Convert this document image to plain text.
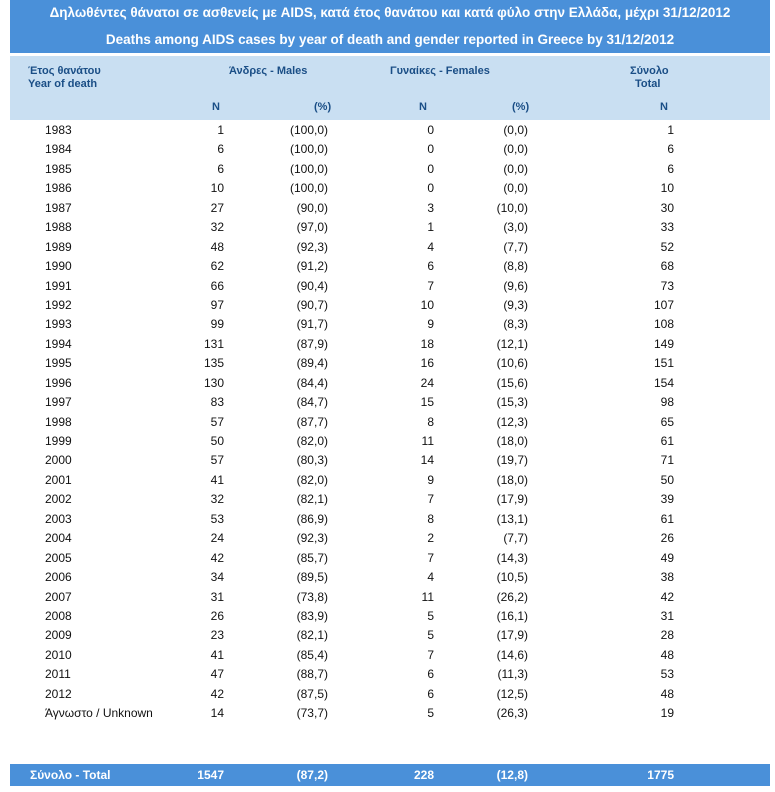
Δηλωθέντες θάνατοι σε ασθενείς με AIDS, κατά έτος θανάτου και κατά φύλο στην Ελλάδα, μέχρι 31/12/2012
Deaths among AIDS cases by year of death and gender reported in Greece by 31/12/2012
Έτος θανάτου
Year of death
Άνδρες - Males	Γυναίκες - Females	Σύνολο
Total
N	(%)	N	(%)	N
1983	1	(100,0)	0	(0,0)	1
1984	6	(100,0)	0	(0,0)	6
1985	6	(100,0)	0	(0,0)	6
1986	10	(100,0)	0	(0,0)	10
1987	27	(90,0)	3	(10,0)	30
1988	32	(97,0)	1	(3,0)	33
1989	48	(92,3)	4	(7,7)	52
1990	62	(91,2)	6	(8,8)	68
1991	66	(90,4)	7	(9,6)	73
1992	97	(90,7)	10	(9,3)	107
1993	99	(91,7)	9	(8,3)	108
1994	131	(87,9)	18	(12,1)	149
1995	135	(89,4)	16	(10,6)	151
1996	130	(84,4)	24	(15,6)	154
1997	83	(84,7)	15	(15,3)	98
1998	57	(87,7)	8	(12,3)	65
1999	50	(82,0)	11	(18,0)	61
2000	57	(80,3)	14	(19,7)	71
2001	41	(82,0)	9	(18,0)	50
2002	32	(82,1)	7	(17,9)	39
2003	53	(86,9)	8	(13,1)	61
2004	24	(92,3)	2	(7,7)	26
2005	42	(85,7)	7	(14,3)	49
2006	34	(89,5)	4	(10,5)	38
2007	31	(73,8)	11	(26,2)	42
2008	26	(83,9)	5	(16,1)	31
2009	23	(82,1)	5	(17,9)	28
2010	41	(85,4)	7	(14,6)	48
2011	47	(88,7)	6	(11,3)	53
2012	42	(87,5)	6	(12,5)	48
Άγνωστο / Unknown	14	(73,7)	5	(26,3)	19
Σύνολο - Total	1547	(87,2)	228	(12,8)	1775
